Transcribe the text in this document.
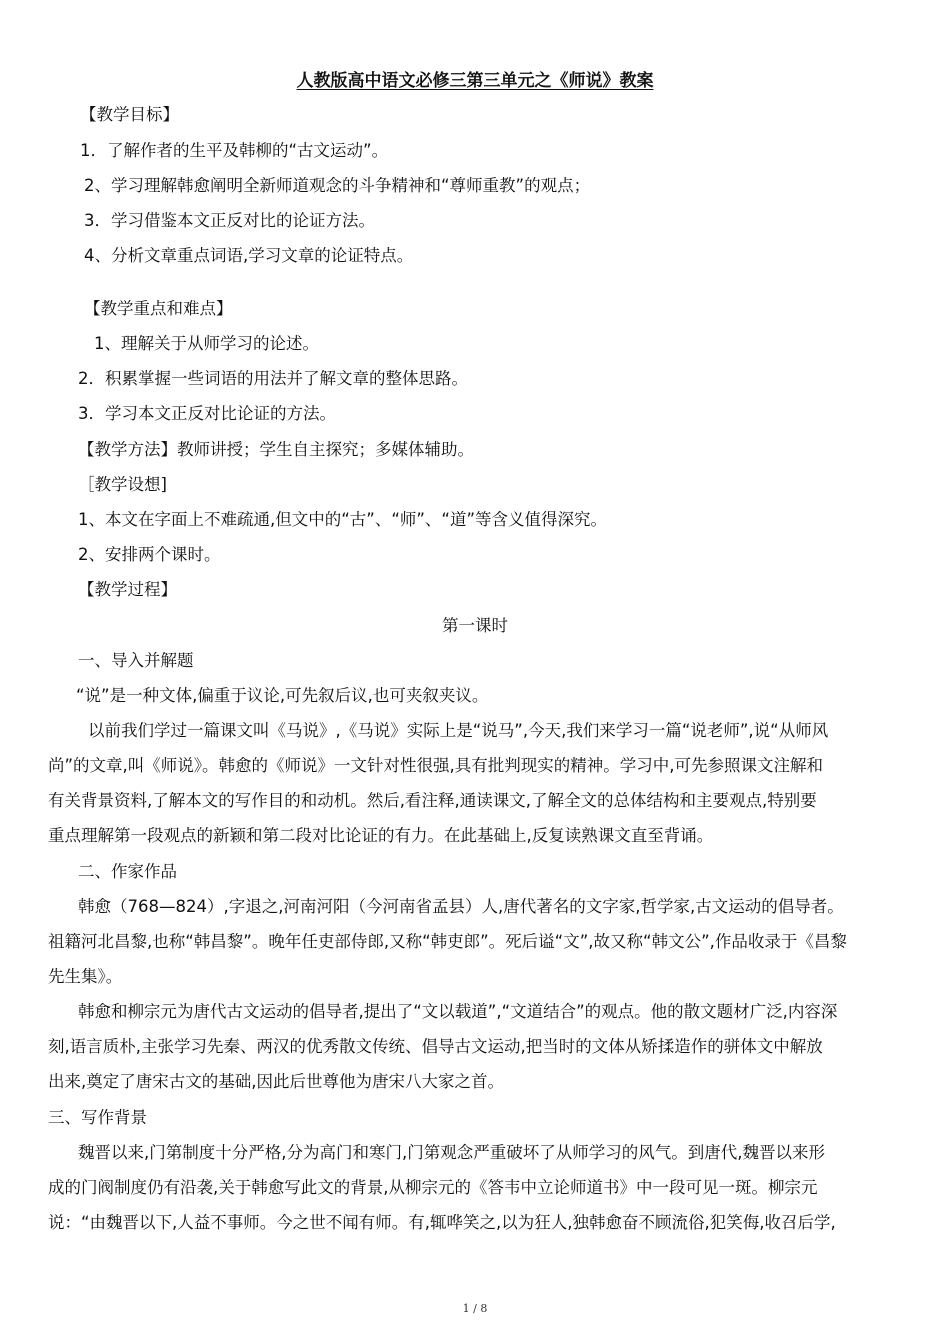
人教版高中语文必修三第三单元之《师说》教案
【教学目标】
1．了解作者的生平及韩柳的“古文运动”。
2、学习理解韩愈阐明全新师道观念的斗争精神和“尊师重教”的观点；
3．学习借鉴本文正反对比的论证方法。
4、分析文章重点词语,学习文章的论证特点。
【教学重点和难点】
1、理解关于从师学习的论述。
2．积累掌握一些词语的用法并了解文章的整体思路。
3．学习本文正反对比论证的方法。
【教学方法】教师讲授；学生自主探究；多媒体辅助。
［教学设想]
1、本文在字面上不难疏通,但文中的“古”、“师”、“道”等含义值得深究。
2、安排两个课时。
【教学过程】
第一课时
一、导入并解题
“说”是一种文体,偏重于议论,可先叙后议,也可夹叙夹议。
以前我们学过一篇课文叫《马说》,《马说》实际上是“说马”,今天,我们来学习一篇“说老师”,说“从师风
尚”的文章,叫《师说》。韩愈的《师说》一文针对性很强,具有批判现实的精神。学习中,可先参照课文注解和
有关背景资料,了解本文的写作目的和动机。然后,看注释,通读课文,了解全文的总体结构和主要观点,特别要
重点理解第一段观点的新颖和第二段对比论证的有力。在此基础上,反复读熟课文直至背诵。
二、作家作品
韩愈（768—824）,字退之,河南河阳（今河南省孟县）人,唐代著名的文字家,哲学家,古文运动的倡导者。
祖籍河北昌黎,也称“韩昌黎”。晚年任吏部侍郎,又称“韩吏郎”。死后谥“文”,故又称“韩文公”,作品收录于《昌黎
先生集》。
韩愈和柳宗元为唐代古文运动的倡导者,提出了“文以载道”,“文道结合”的观点。他的散文题材广泛,内容深
刻,语言质朴,主张学习先秦、两汉的优秀散文传统、倡导古文运动,把当时的文体从矫揉造作的骈体文中解放
出来,奠定了唐宋古文的基础,因此后世尊他为唐宋八大家之首。
三、写作背景
魏晋以来,门第制度十分严格,分为高门和寒门,门第观念严重破坏了从师学习的风气。到唐代,魏晋以来形
成的门阀制度仍有沿袭,关于韩愈写此文的背景,从柳宗元的《答韦中立论师道书》中一段可见一斑。柳宗元
说：“由魏晋以下,人益不事师。今之世不闻有师。有,辄哗笑之,以为狂人,独韩愈奋不顾流俗,犯笑侮,收召后学,
1 / 8
